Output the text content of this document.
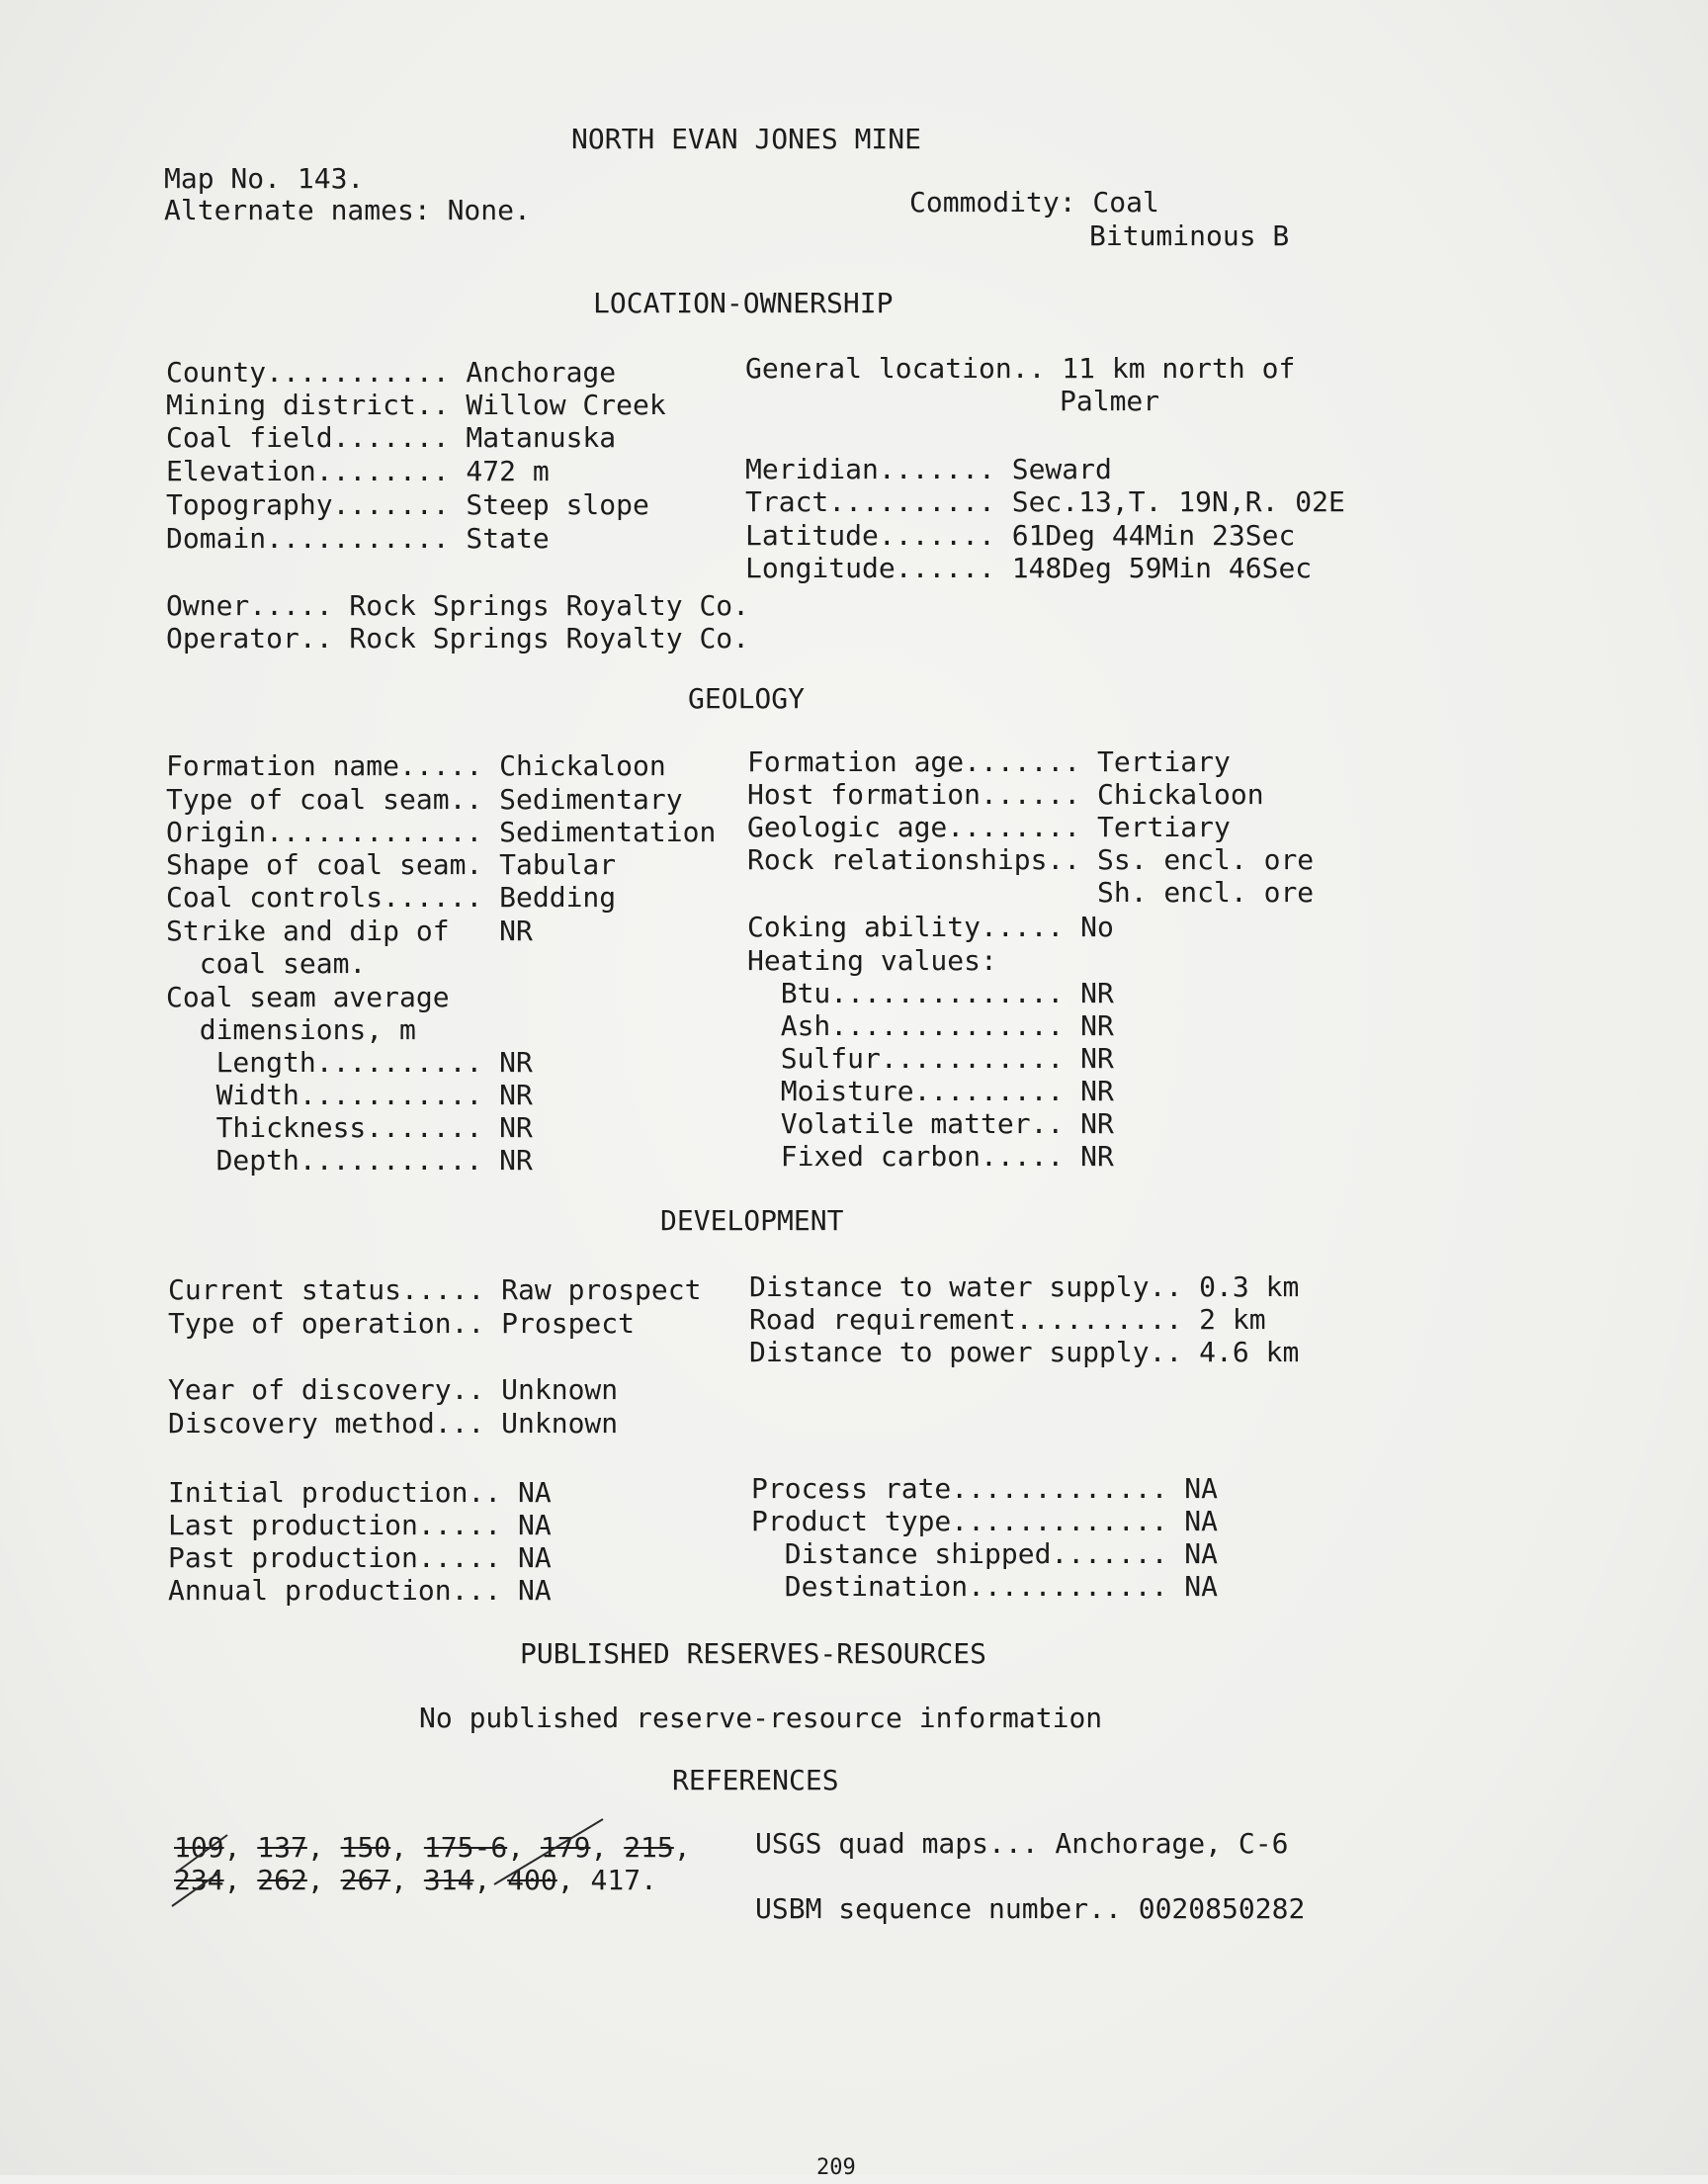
NORTH EVAN JONES MINE
Map No. 143.
Alternate names: None.	Commodity: Coal
Bituminous B
LOCATION-OWNERSHIP
County........... Anchorage
Mining district.. Willow Creek
Coal field....... Matanuska
Elevation........ 472 m
Topography....... Steep slope
Domain........... State
General location.. 11 km north of
Palmer
Meridian....... Seward
Tract.......... Sec.13,T. 19N,R. 02E
Latitude....... 61Deg 44Min 23Sec
Longitude...... 148Deg 59Min 46Sec
Owner..... Rock Springs Royalty Co.
Operator.. Rock Springs Royalty Co.
GEOLOGY
Formation name..... Chickaloon
Type of coal seam.. Sedimentary
Origin............. Sedimentation
Shape of coal seam. Tabular
Coal controls...... Bedding
Strike and dip of   NR
coal seam.
Coal seam average
dimensions, m
Length.......... NR
Width........... NR
Thickness....... NR
Depth........... NR
Formation age....... Tertiary
Host formation...... Chickaloon
Geologic age........ Tertiary
Rock relationships.. Ss. encl. ore
Sh. encl. ore
Coking ability..... No
Heating values:
Btu.............. NR
Ash.............. NR
Sulfur........... NR
Moisture......... NR
Volatile matter.. NR
Fixed carbon..... NR
DEVELOPMENT
Current status..... Raw prospect
Type of operation.. Prospect
Distance to water supply.. 0.3 km
Road requirement.......... 2 km
Distance to power supply.. 4.6 km
Year of discovery.. Unknown
Discovery method... Unknown
Initial production.. NA
Last production..... NA
Past production..... NA
Annual production... NA
Process rate............. NA
Product type............. NA
Distance shipped....... NA
Destination............ NA
PUBLISHED RESERVES-RESOURCES
No published reserve-resource information
REFERENCES
109, 137, 150, 175-6, 179, 215,
234, 262, 267, 314, 400, 417.
USGS quad maps... Anchorage, C-6
USBM sequence number.. 0020850282
209
